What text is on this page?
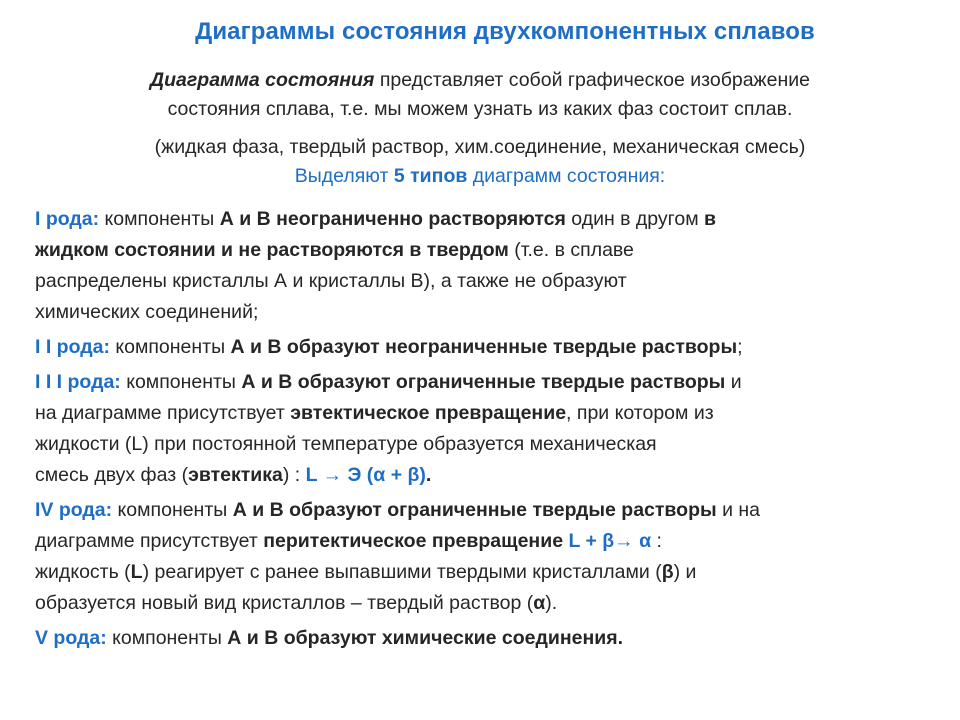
Диаграммы состояния двухкомпонентных сплавов
Диаграмма состояния представляет собой графическое изображение
состояния сплава, т.е. мы можем узнать из каких фаз состоит сплав.
(жидкая фаза, твердый раствор, хим.соединение, механическая смесь)
Выделяют 5 типов диаграмм состояния:
I рода: компоненты А и В неограниченно растворяются один в другом в
жидком состоянии и не растворяются в твердом (т.е. в сплаве
распределены кристаллы А и кристаллы В), а также не образуют
химических соединений;
I I рода: компоненты А и В образуют неограниченные твердые растворы;
I I I рода: компоненты А и В образуют ограниченные твердые растворы и
на диаграмме присутствует эвтектическое превращение, при котором из
жидкости (L) при постоянной температуре образуется механическая
смесь двух фаз (эвтектика) : L → Э (α + β).
IV рода: компоненты А и В образуют ограниченные твердые растворы и на
диаграмме присутствует перитектическое превращение L + β→ α :
жидкость (L) реагирует с ранее выпавшими твердыми кристаллами (β) и
образуется новый вид кристаллов – твердый раствор (α).
V рода: компоненты А и В образуют химические соединения.
